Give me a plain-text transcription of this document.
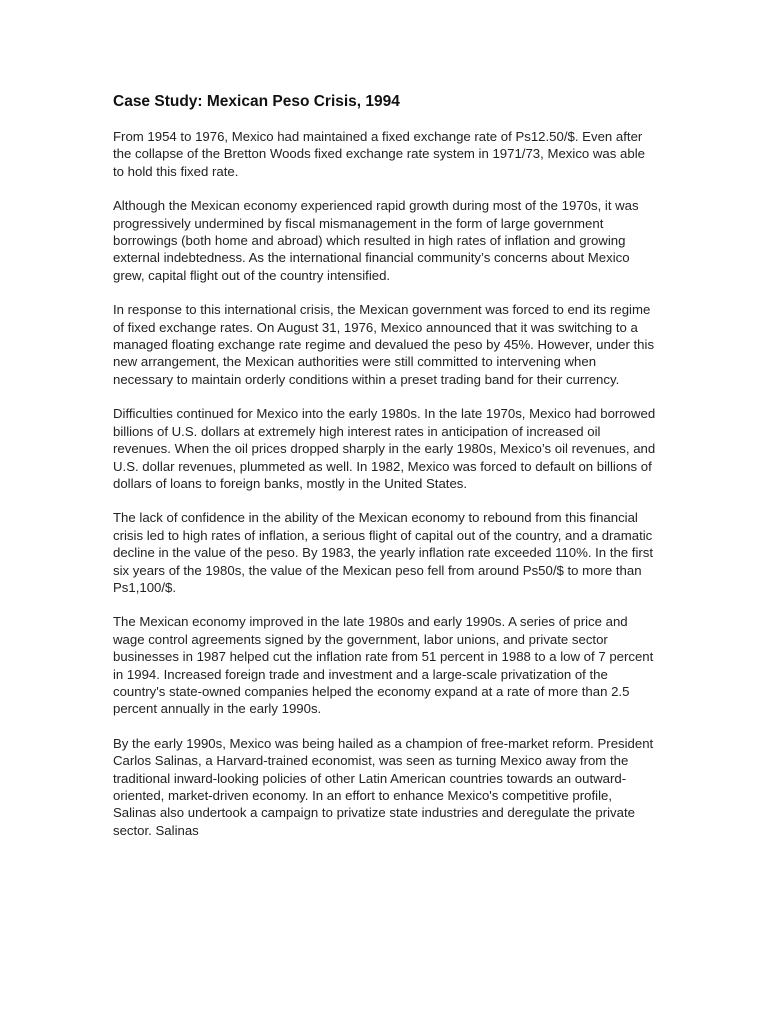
Case Study: Mexican Peso Crisis, 1994

From 1954 to 1976, Mexico had maintained a fixed exchange rate of Ps12.50/$. Even after the collapse of the Bretton Woods fixed exchange rate system in 1971/73, Mexico was able to hold this fixed rate.

Although the Mexican economy experienced rapid growth during most of the 1970s, it was progressively undermined by fiscal mismanagement in the form of large government borrowings (both home and abroad) which resulted in high rates of inflation and growing external indebtedness. As the international financial community’s concerns about Mexico grew, capital flight out of the country intensified.

In response to this international crisis, the Mexican government was forced to end its regime of fixed exchange rates. On August 31, 1976, Mexico announced that it was switching to a managed floating exchange rate regime and devalued the peso by 45%. However, under this new arrangement, the Mexican authorities were still committed to intervening when necessary to maintain orderly conditions within a preset trading band for their currency.

Difficulties continued for Mexico into the early 1980s. In the late 1970s, Mexico had borrowed billions of U.S. dollars at extremely high interest rates in anticipation of increased oil revenues. When the oil prices dropped sharply in the early 1980s, Mexico’s oil revenues, and U.S. dollar revenues, plummeted as well. In 1982, Mexico was forced to default on billions of dollars of loans to foreign banks, mostly in the United States.

The lack of confidence in the ability of the Mexican economy to rebound from this financial crisis led to high rates of inflation, a serious flight of capital out of the country, and a dramatic decline in the value of the peso. By 1983, the yearly inflation rate exceeded 110%. In the first six years of the 1980s, the value of the Mexican peso fell from around Ps50/$ to more than Ps1,100/$.

The Mexican economy improved in the late 1980s and early 1990s. A series of price and wage control agreements signed by the government, labor unions, and private sector businesses in 1987 helped cut the inflation rate from 51 percent in 1988 to a low of 7 percent in 1994. Increased foreign trade and investment and a large-scale privatization of the country's state-owned companies helped the economy expand at a rate of more than 2.5 percent annually in the early 1990s.

By the early 1990s, Mexico was being hailed as a champion of free-market reform. President Carlos Salinas, a Harvard-trained economist, was seen as turning Mexico away from the traditional inward-looking policies of other Latin American countries towards an outward-oriented, market-driven economy. In an effort to enhance Mexico's competitive profile, Salinas also undertook a campaign to privatize state industries and deregulate the private sector. Salinas
